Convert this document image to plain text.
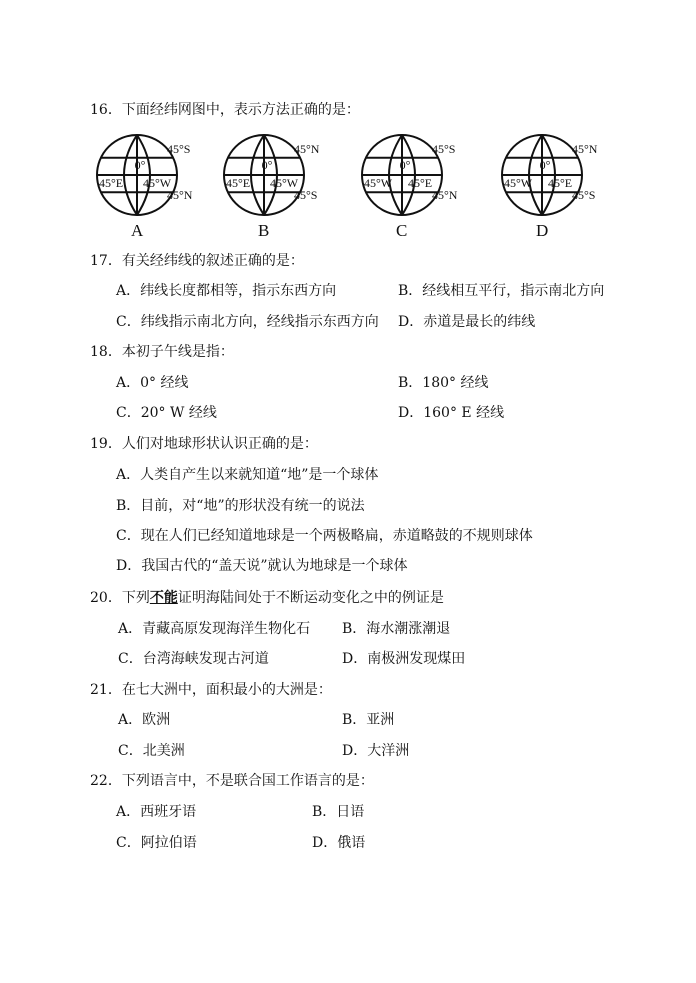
16．下面经纬网图中，表示方法正确的是：
0°
45°S
45°E 45°W
45°N
A
0°
45°N
45°E 45°W
45°S
B
0°
45°S
45°W 45°E
45°N
C
0°
45°N
45°W 45°E
45°S
D
17．有关经纬线的叙述正确的是：
A．纬线长度都相等，指示东西方向	B．经线相互平行，指示南北方向
C．纬线指示南北方向，经线指示东西方向 D．赤道是最长的纬线
18．本初子午线是指：
A．0° 经线	B．180° 经线
C．20° W 经线	D．160° E 经线
19．人们对地球形状认识正确的是：
A．人类自产生以来就知道“地”是一个球体
B．目前，对“地”的形状没有统一的说法
C．现在人们已经知道地球是一个两极略扁，赤道略鼓的不规则球体
D．我国古代的“盖天说”就认为地球是一个球体
20．下列不能证明海陆间处于不断运动变化之中的例证是
A．青藏高原发现海洋生物化石 B．海水潮涨潮退
C．台湾海峡发现古河道	D．南极洲发现煤田
21．在七大洲中，面积最小的大洲是：
A．欧洲	B．亚洲
C．北美洲	D．大洋洲
22．下列语言中，不是联合国工作语言的是：
A．西班牙语	B．日语
C．阿拉伯语	D．俄语
